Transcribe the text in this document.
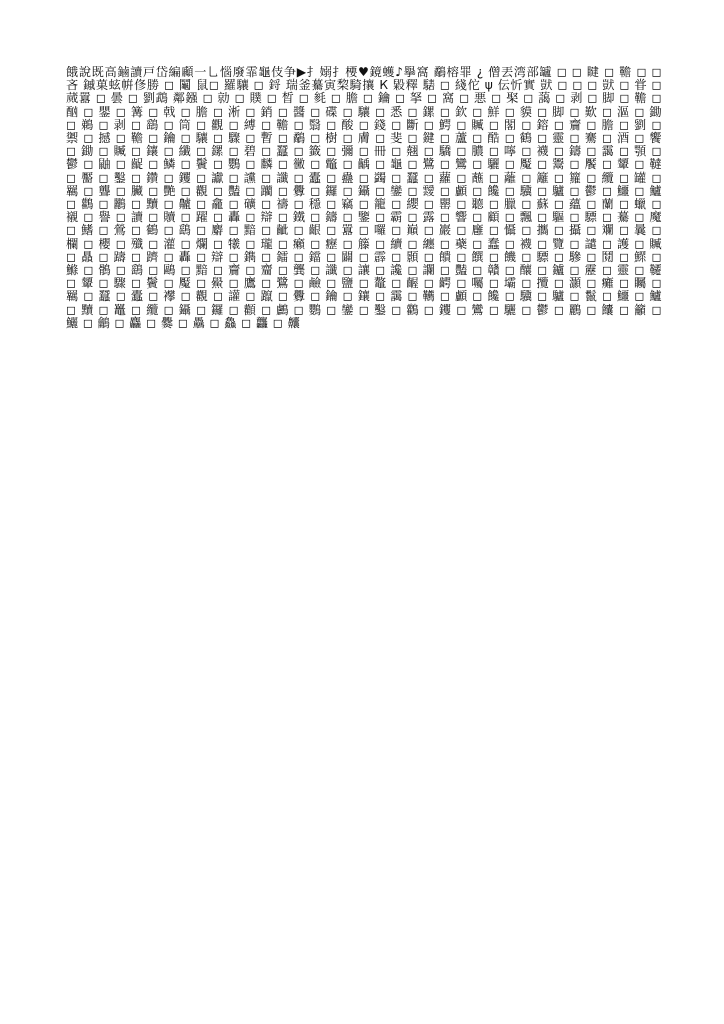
餓說既高鏀讀戸岱編顣一乚惱廢霏龜伎争▶扌嫋扌楆♥鏡蠖♪擧窩 鷸榕罪 ¿ 僧丟湾部罏 ◻ ◻ 睷 ◻ 韂 ◻ ◻ 吝 鏚菓蚿帲俢勝 ◻ 鬮 鼠◻ 羅驤 ◻ 鋝 瑞釜驀寅棃騎攘 К 毇釋 騞 ◻ 綫佗 ψ 伝忻實 獃 ◻ ◻ ◻ 獃 ◻ 甞 ◻ 蒇囂 ◻ 曇 ◻ 劉鵡 鄰鏹 ◻ 勍 ◻ 贌 ◻ 晳 ◻ 毵 ◻ 膽 ◻ 鑰 ◻ 拏 ◻ 窩 ◻ 悪 ◻ 棸 ◻ 藹 ◻ 剥 ◻ 脚 ◻ 韂 ◻ 酗 ◻ 鑍 ◻ 篝 ◻ 戟 ◻ 膽 ◻ 淅 ◻ 銷 ◻ 醬 ◻ 碟 ◻ 驤 ◻ 悉 ◻ 鏍 ◻ 欽 ◻ 鮮 ◻ 貘 ◻ 脚 ◻ 歎 ◻ 漚 ◻ 鋤 ◻ 鵜 ◻ 剥 ◻ 鷂 ◻ 筒 ◻ 觀 ◻ 縛 ◻ 韂 ◻ 翳 ◻ 酸 ◻ 錢 ◻ 斷 ◻ 鰐 ◻ 贓 ◻ 閣 ◻ 鎔 ◻ 齎 ◻ 膽 ◻ 劉 ◻ 禦 ◻ 撼 ◻ 韂 ◻ 鑰 ◻ 驤 ◻ 驟 ◻ 暫 ◻ 鷸 ◻ 樹 ◻ 膚 ◻ 斐 ◻ 鍵 ◻ 蘆 ◻ 酷 ◻ 鶴 ◻ 靈 ◻ 騫 ◻ 酒 ◻ 饗 ◻ 鋤 ◻ 贓 ◻ 鑲 ◻ 纖 ◻ 鏍 ◻ 碧 ◻ 蠶 ◻ 籤 ◻ 彌 ◻ 冊 ◻ 翹 ◻ 驕 ◻ 膿 ◻ 嚀 ◻ 襪 ◻ 鑄 ◻ 靄 ◻ 顎 ◻ 鬱 ◻ 鼬 ◻ 齪 ◻ 鱗 ◻ 鬢 ◻ 鸚 ◻ 麟 ◻ 黴 ◻ 鼈 ◻ 齲 ◻ 龜 ◻ 鷺 ◻ 鸞 ◻ 驪 ◻ 魘 ◻ 鬻 ◻ 饜 ◻ 顰 ◻ 韃 ◻ 靨 ◻ 鑿 ◻ 鑽 ◻ 钁 ◻ 讞 ◻ 讜 ◻ 讖 ◻ 蠹 ◻ 蠱 ◻ 蠲 ◻ 蠶 ◻ 蘿 ◻ 蘸 ◻ 蘺 ◻ 籬 ◻ 籮 ◻ 纜 ◻ 罐 ◻ 羈 ◻ 聾 ◻ 臟 ◻ 艷 ◻ 觀 ◻ 豔 ◻ 躪 ◻ 釁 ◻ 鑼 ◻ 鑷 ◻ 鑾 ◻ 靉 ◻ 顱 ◻ 饞 ◻ 驥 ◻ 驢 ◻ 鬱 ◻ 鱷 ◻ 鱸 ◻ 鸛 ◻ 鸝 ◻ 黷 ◻ 齇 ◻ 龕 ◻ 礦 ◻ 禱 ◻ 穩 ◻ 竊 ◻ 籠 ◻ 纓 ◻ 罌 ◻ 聽 ◻ 臘 ◻ 蘇 ◻ 蘊 ◻ 蘭 ◻ 蠟 ◻ 襯 ◻ 譽 ◻ 讀 ◻ 贖 ◻ 躍 ◻ 轟 ◻ 辯 ◻ 鐵 ◻ 鑄 ◻ 鑒 ◻ 霸 ◻ 露 ◻ 響 ◻ 顧 ◻ 飄 ◻ 驅 ◻ 驃 ◻ 驀 ◻ 魔 ◻ 鰭 ◻ 鶯 ◻ 鶴 ◻ 鷂 ◻ 麝 ◻ 黯 ◻ 齜 ◻ 齦 ◻ 囂 ◻ 囉 ◻ 巔 ◻ 巖 ◻ 廱 ◻ 懾 ◻ 攜 ◻ 攝 ◻ 斕 ◻ 曩 ◻ 欄 ◻ 櫻 ◻ 殲 ◻ 灌 ◻ 爛 ◻ 犧 ◻ 瓏 ◻ 癩 ◻ 癧 ◻ 籐 ◻ 續 ◻ 纏 ◻ 蘗 ◻ 蠢 ◻ 襪 ◻ 覽 ◻ 譴 ◻ 護 ◻ 贓 ◻ 贔 ◻ 躊 ◻ 躋 ◻ 轟 ◻ 辯 ◻ 鐫 ◻ 鐳 ◻ 鐺 ◻ 闢 ◻ 霹 ◻ 顥 ◻ 饋 ◻ 饌 ◻ 饑 ◻ 驃 ◻ 驂 ◻ 鬩 ◻ 鰥 ◻ 鰷 ◻ 鶻 ◻ 鷂 ◻ 鷗 ◻ 黯 ◻ 齎 ◻ 齏 ◻ 龔 ◻ 讖 ◻ 讓 ◻ 讒 ◻ 讕 ◻ 豔 ◻ 贛 ◻ 釀 ◻ 鑪 ◻ 靂 ◻ 靈 ◻ 韆 ◻ 顰 ◻ 驟 ◻ 鬢 ◻ 魘 ◻ 鱟 ◻ 鷹 ◻ 鷺 ◻ 鹼 ◻ 鹽 ◻ 鼇 ◻ 齷 ◻ 齶 ◻ 囑 ◻ 壩 ◻ 攬 ◻ 灝 ◻ 癱 ◻ 矚 ◻ 羈 ◻ 蠶 ◻ 蠹 ◻ 襻 ◻ 觀 ◻ 讙 ◻ 躥 ◻ 釁 ◻ 鑰 ◻ 鑲 ◻ 靄 ◻ 韉 ◻ 顱 ◻ 饞 ◻ 驥 ◻ 驢 ◻ 鬣 ◻ 鱷 ◻ 鱸 ◻ 黷 ◻ 鼉 ◻ 纜 ◻ 鑷 ◻ 鑼 ◻ 顴 ◻ 鸕 ◻ 鸚 ◻ 鑾 ◻ 鑿 ◻ 鸛 ◻ 钁 ◻ 鸞 ◻ 驪 ◻ 鬱 ◻ 鸝 ◻ 饢 ◻ 籲 ◻ 鱺 ◻ 鸙 ◻ 麤 ◻ 爨 ◻ 驫 ◻ 鱻 ◻ 龘 ◻ 齉
